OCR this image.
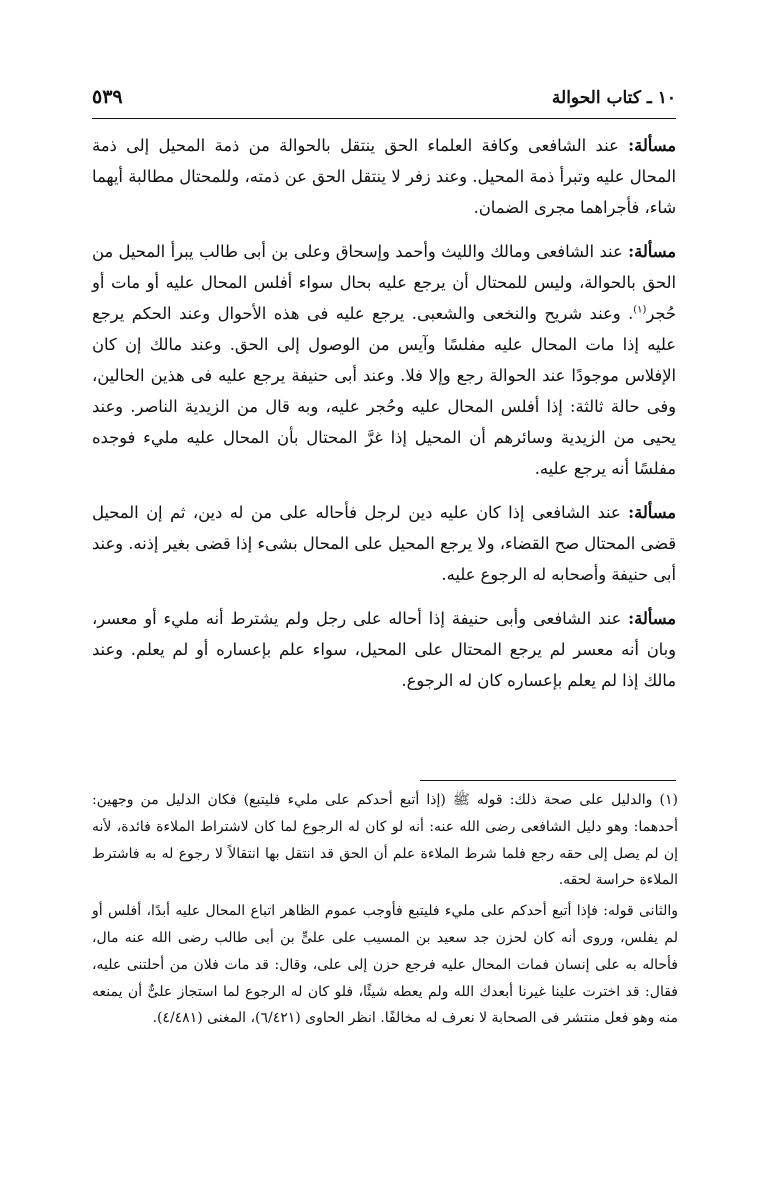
١٠ ـ كتاب الحوالة
٥٣٩

مسألة: عند الشافعى وكافة العلماء الحق ينتقل بالحوالة من ذمة المحيل إلى ذمة المحال عليه وتبرأ ذمة المحيل. وعند زفر لا ينتقل الحق عن ذمته، وللمحتال مطالبة أيهما شاء، فأجراهما مجرى الضمان.

مسألة: عند الشافعى ومالك والليث وأحمد وإسحاق وعلى بن أبى طالب يبرأ المحيل من الحق بالحوالة، وليس للمحتال أن يرجع عليه بحال سواء أفلس المحال عليه أو مات أو حُجر$^{(١)}$. وعند شريح والنخعى والشعبى. يرجع عليه فى هذه الأحوال وعند الحكم يرجع عليه إذا مات المحال عليه مفلسًا وآيس من الوصول إلى الحق. وعند مالك إن كان الإفلاس موجودًا عند الحوالة رجع وإلا فلا. وعند أبى حنيفة يرجع عليه فى هذين الحالين، وفى حالة ثالثة: إذا أفلس المحال عليه وحُجر عليه، وبه قال من الزيدية الناصر. وعند يحيى من الزيدية وسائرهم أن المحيل إذا غرَّ المحتال بأن المحال عليه مليء فوجده مفلسًا أنه يرجع عليه.

مسألة: عند الشافعى إذا كان عليه دين لرجل فأحاله على من له دين، ثم إن المحيل قضى المحتال صح القضاء، ولا يرجع المحيل على المحال بشىء إذا قضى بغير إذنه. وعند أبى حنيفة وأصحابه له الرجوع عليه.

مسألة: عند الشافعى وأبى حنيفة إذا أحاله على رجل ولم يشترط أنه مليء أو معسر، وبان أنه معسر لم يرجع المحتال على المحيل، سواء علم بإعساره أو لم يعلم. وعند مالك إذا لم يعلم بإعساره كان له الرجوع.

(١) والدليل على صحة ذلك: قوله ﷺ (إذا أتبع أحدكم على مليء فليتبع) فكان الدليل من وجهين: أحدهما: وهو دليل الشافعى رضى الله عنه: أنه لو كان له الرجوع لما كان لاشتراط الملاءة فائدة، لأنه إن لم يصل إلى حقه رجع فلما شرط الملاءة علم أن الحق قد انتقل بها انتقالاً لا رجوع له به فاشترط الملاءة حراسة لحقه.

والثانى قوله: فإذا أتبع أحدكم على مليء فليتبع فأوجب عموم الظاهر اتباع المحال عليه أبدًا، أفلس أو لم يفلس، وروى أنه كان لحزن جد سعيد بن المسيب على علىٍّ بن أبى طالب رضى الله عنه مال، فأحاله به على إنسان فمات المحال عليه فرجع حزن إلى على، وقال: قد مات فلان من أحلتنى عليه، فقال: قد اخترت علينا غيرنا أبعدك الله ولم يعطه شيئًا، فلو كان له الرجوع لما استجاز علىٌّ أن يمنعه منه وهو فعل منتشر فى الصحابة لا نعرف له مخالفًا. انظر الحاوى (٦/٤٢١)، المغنى (٤/٤٨١).
